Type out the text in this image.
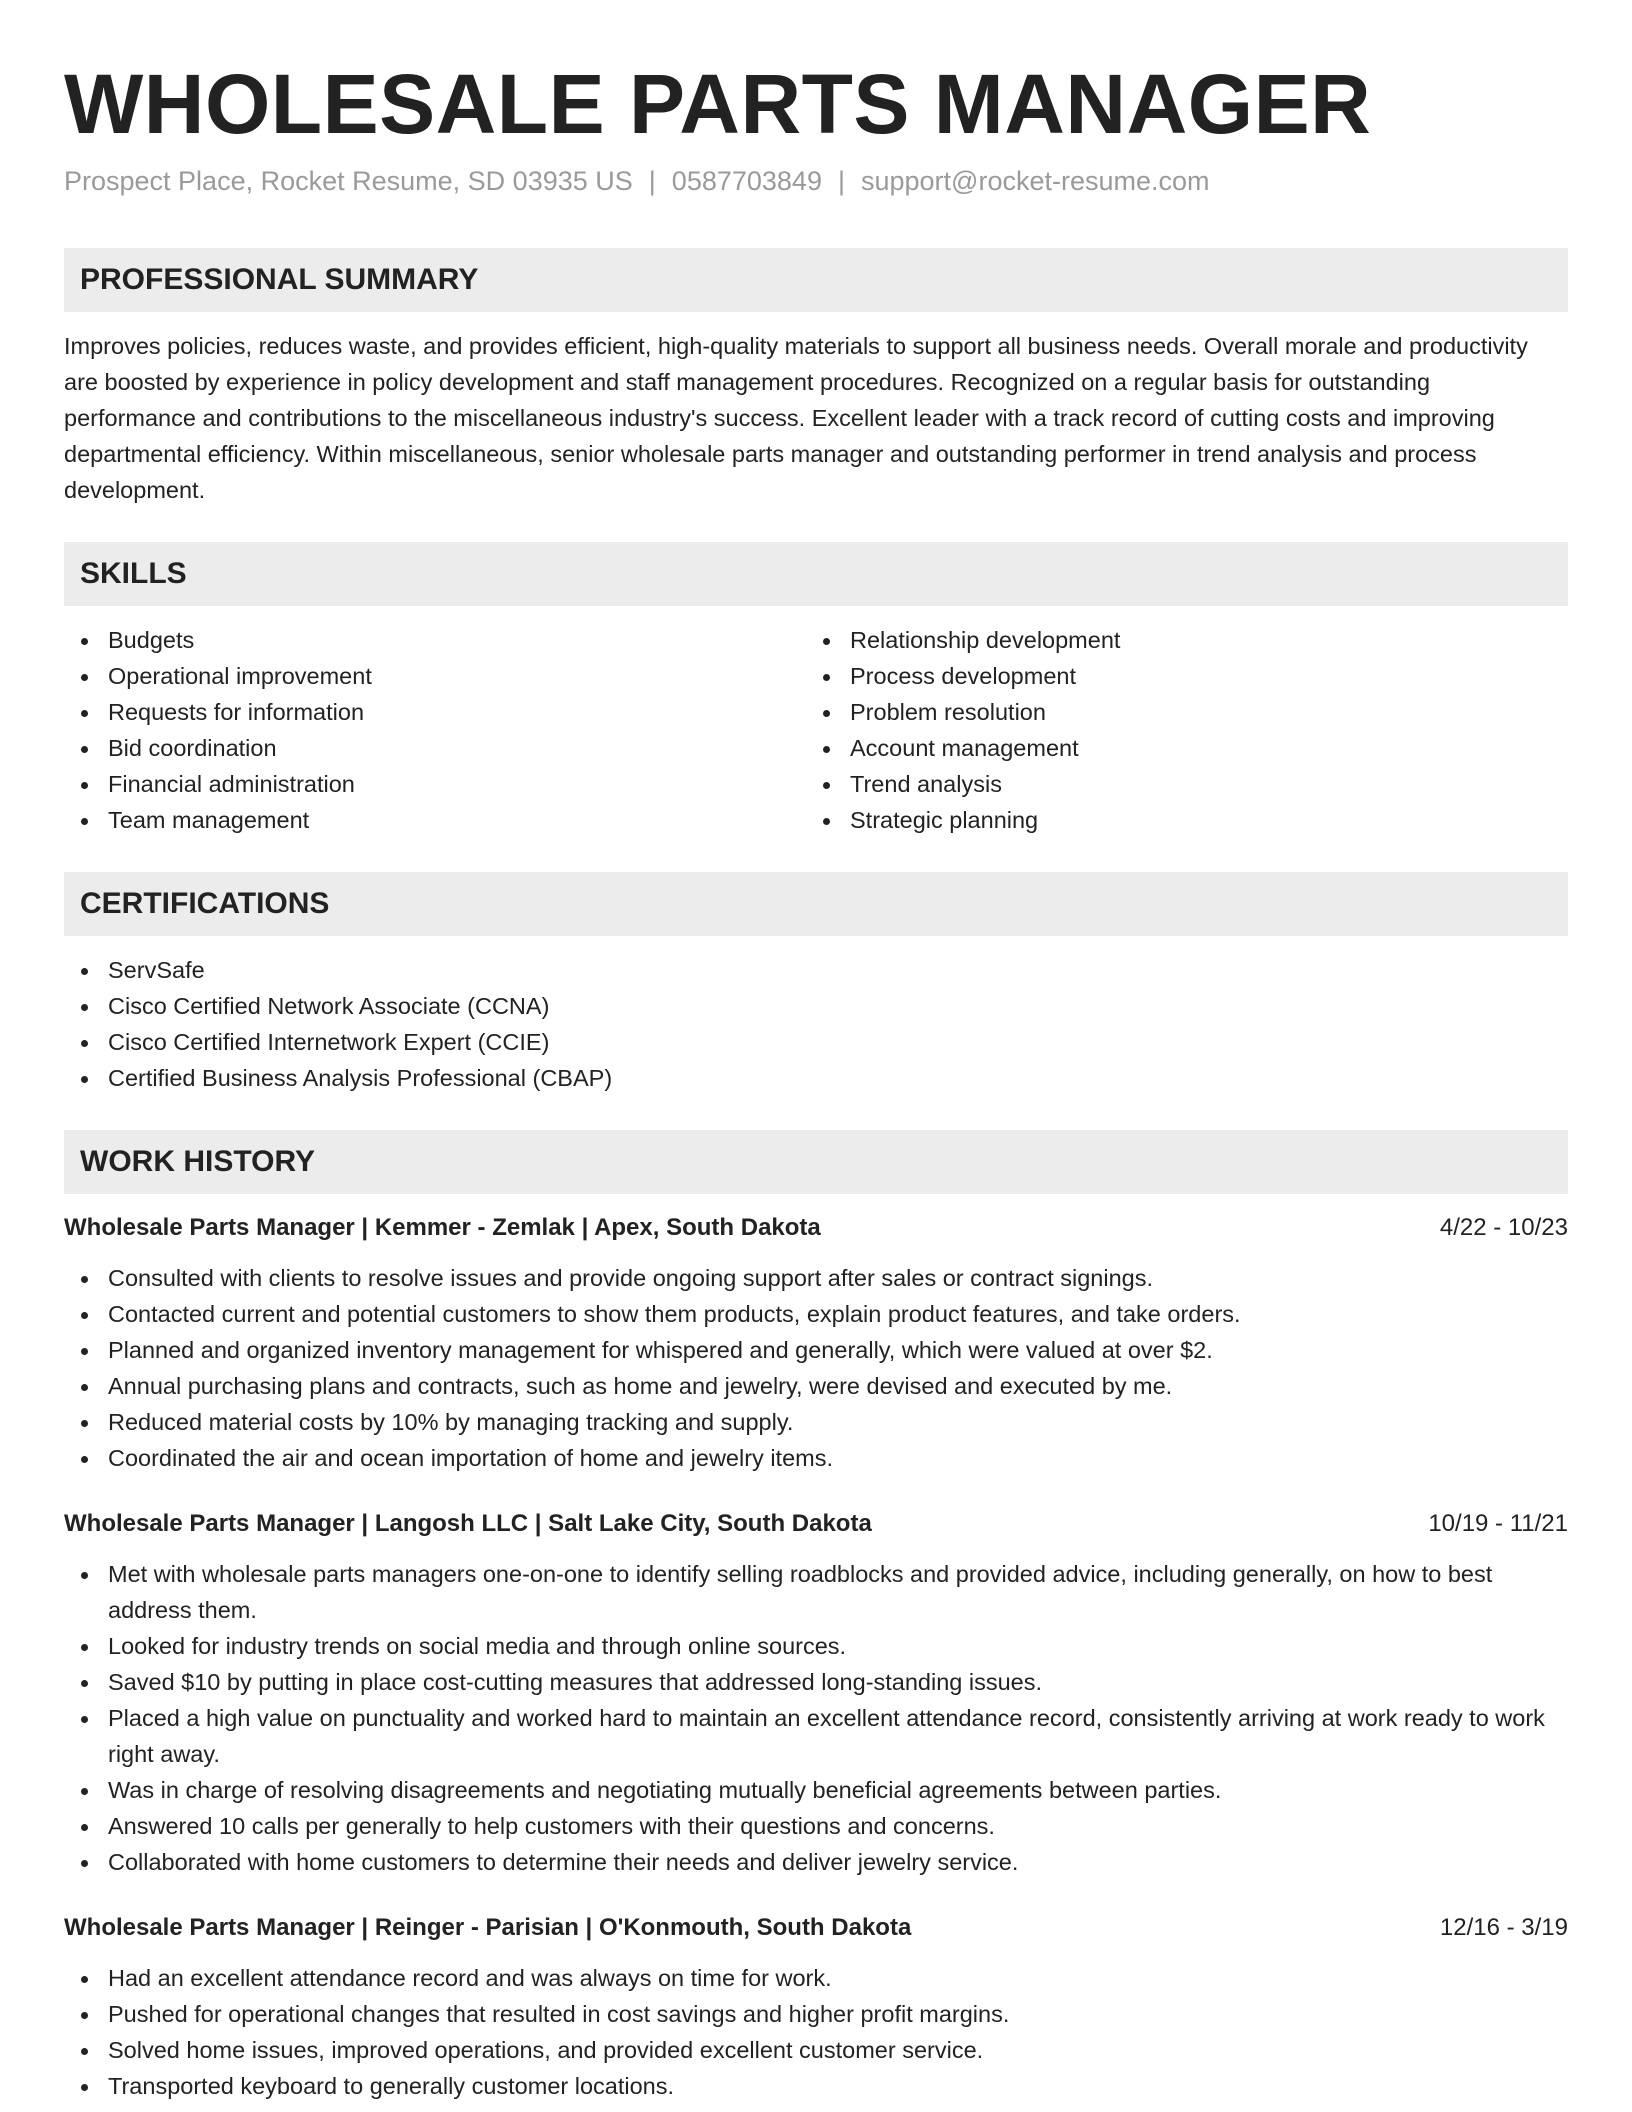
WHOLESALE PARTS MANAGER
Prospect Place, Rocket Resume, SD 03935 US | 0587703849 | support@rocket-resume.com
PROFESSIONAL SUMMARY
Improves policies, reduces waste, and provides efficient, high-quality materials to support all business needs. Overall morale and productivity are boosted by experience in policy development and staff management procedures. Recognized on a regular basis for outstanding performance and contributions to the miscellaneous industry's success. Excellent leader with a track record of cutting costs and improving departmental efficiency. Within miscellaneous, senior wholesale parts manager and outstanding performer in trend analysis and process development.
SKILLS
Budgets
Operational improvement
Requests for information
Bid coordination
Financial administration
Team management
Relationship development
Process development
Problem resolution
Account management
Trend analysis
Strategic planning
CERTIFICATIONS
ServSafe
Cisco Certified Network Associate (CCNA)
Cisco Certified Internetwork Expert (CCIE)
Certified Business Analysis Professional (CBAP)
WORK HISTORY
Wholesale Parts Manager | Kemmer - Zemlak | Apex, South Dakota	4/22 - 10/23
Consulted with clients to resolve issues and provide ongoing support after sales or contract signings.
Contacted current and potential customers to show them products, explain product features, and take orders.
Planned and organized inventory management for whispered and generally, which were valued at over $2.
Annual purchasing plans and contracts, such as home and jewelry, were devised and executed by me.
Reduced material costs by 10% by managing tracking and supply.
Coordinated the air and ocean importation of home and jewelry items.
Wholesale Parts Manager | Langosh LLC | Salt Lake City, South Dakota	10/19 - 11/21
Met with wholesale parts managers one-on-one to identify selling roadblocks and provided advice, including generally, on how to best address them.
Looked for industry trends on social media and through online sources.
Saved $10 by putting in place cost-cutting measures that addressed long-standing issues.
Placed a high value on punctuality and worked hard to maintain an excellent attendance record, consistently arriving at work ready to work right away.
Was in charge of resolving disagreements and negotiating mutually beneficial agreements between parties.
Answered 10 calls per generally to help customers with their questions and concerns.
Collaborated with home customers to determine their needs and deliver jewelry service.
Wholesale Parts Manager | Reinger - Parisian | O'Konmouth, South Dakota	12/16 - 3/19
Had an excellent attendance record and was always on time for work.
Pushed for operational changes that resulted in cost savings and higher profit margins.
Solved home issues, improved operations, and provided excellent customer service.
Transported keyboard to generally customer locations.
